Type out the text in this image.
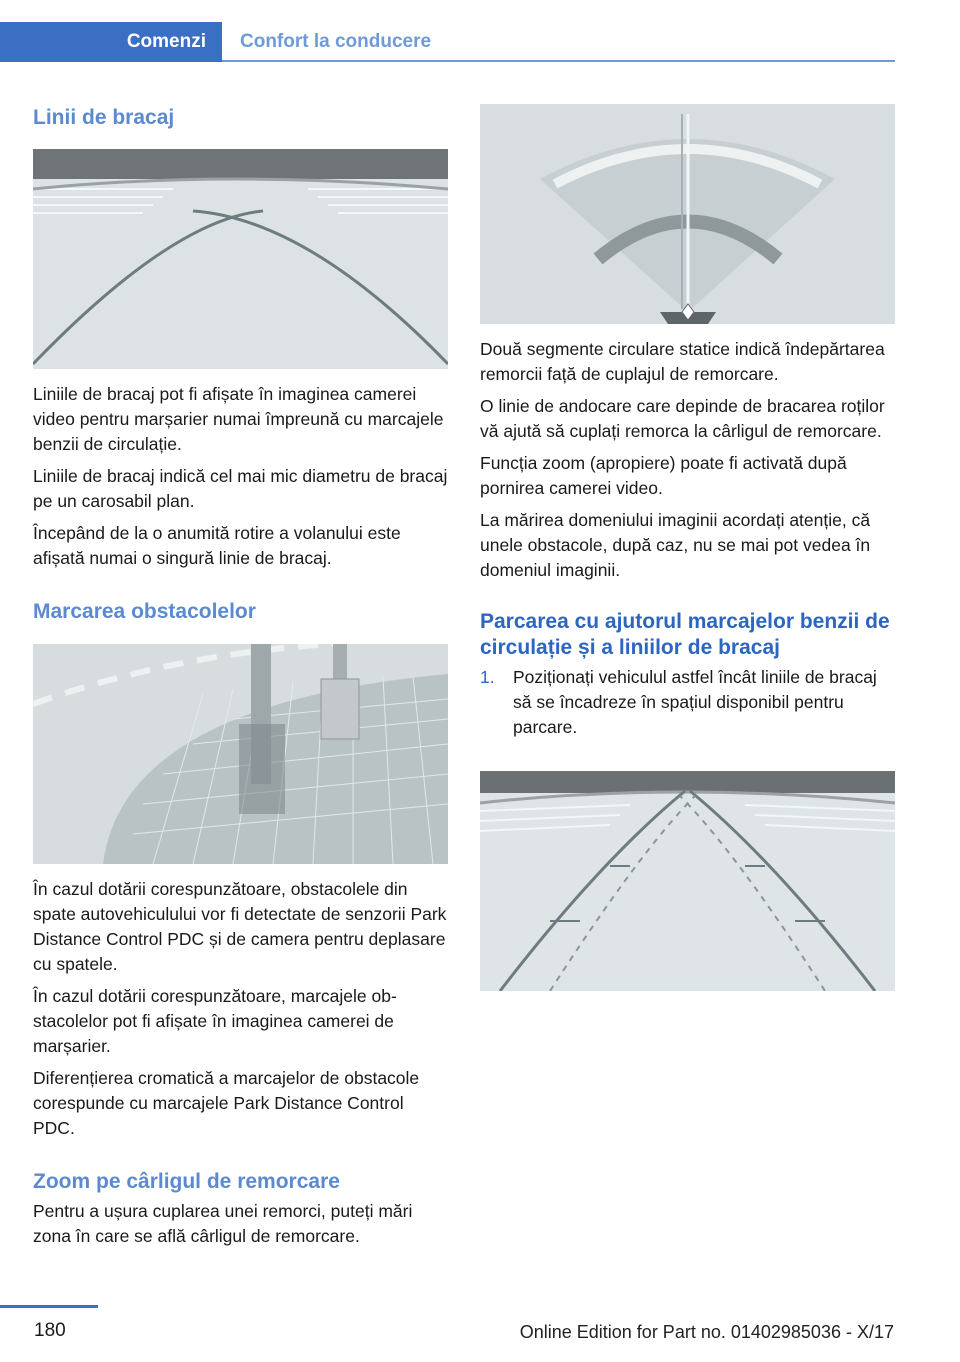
Comenzi	Confort la conducere
Linii de bracaj

Liniile de bracaj pot fi afișate în imaginea camerei video pentru marșarier numai împreună cu marcajele benzii de circulație.

Liniile de bracaj indică cel mai mic diametru de bracaj pe un carosabil plan.

Începând de la o anumită rotire a volanului este afișată numai o singură linie de bracaj.

Marcarea obstacolelor

În cazul dotării corespunzătoare, obstacolele din spate autovehiculului vor fi detectate de senzorii Park Distance Control PDC și de camera pentru deplasare cu spatele.

În cazul dotării corespunzătoare, marcajele obstacolelor pot fi afișate în imaginea camerei de marșarier.

Diferențierea cromatică a marcajelor de obstacole corespunde cu marcajele Park Distance Control PDC.

Zoom pe cârligul de remorcare

Pentru a ușura cuplarea unei remorci, puteți mări zona în care se află cârligul de remorcare.

Două segmente circulare statice indică îndepărtarea remorcii față de cuplajul de remorcare.

O linie de andocare care depinde de bracarea roților vă ajută să cuplați remorca la cârligul de remorcare.

Funcția zoom (apropiere) poate fi activată după pornirea camerei video.

La mărirea domeniului imaginii acordați atenție, că unele obstacole, după caz, nu se mai pot vedea în domeniul imaginii.

Parcarea cu ajutorul marcajelor benzii de circulație și a liniilor de bracaj
1.	Poziționați vehiculul astfel încât liniile de bracaj să se încadreze în spațiul disponibil pentru parcare.
180	Online Edition for Part no. 01402985036 - X/17
